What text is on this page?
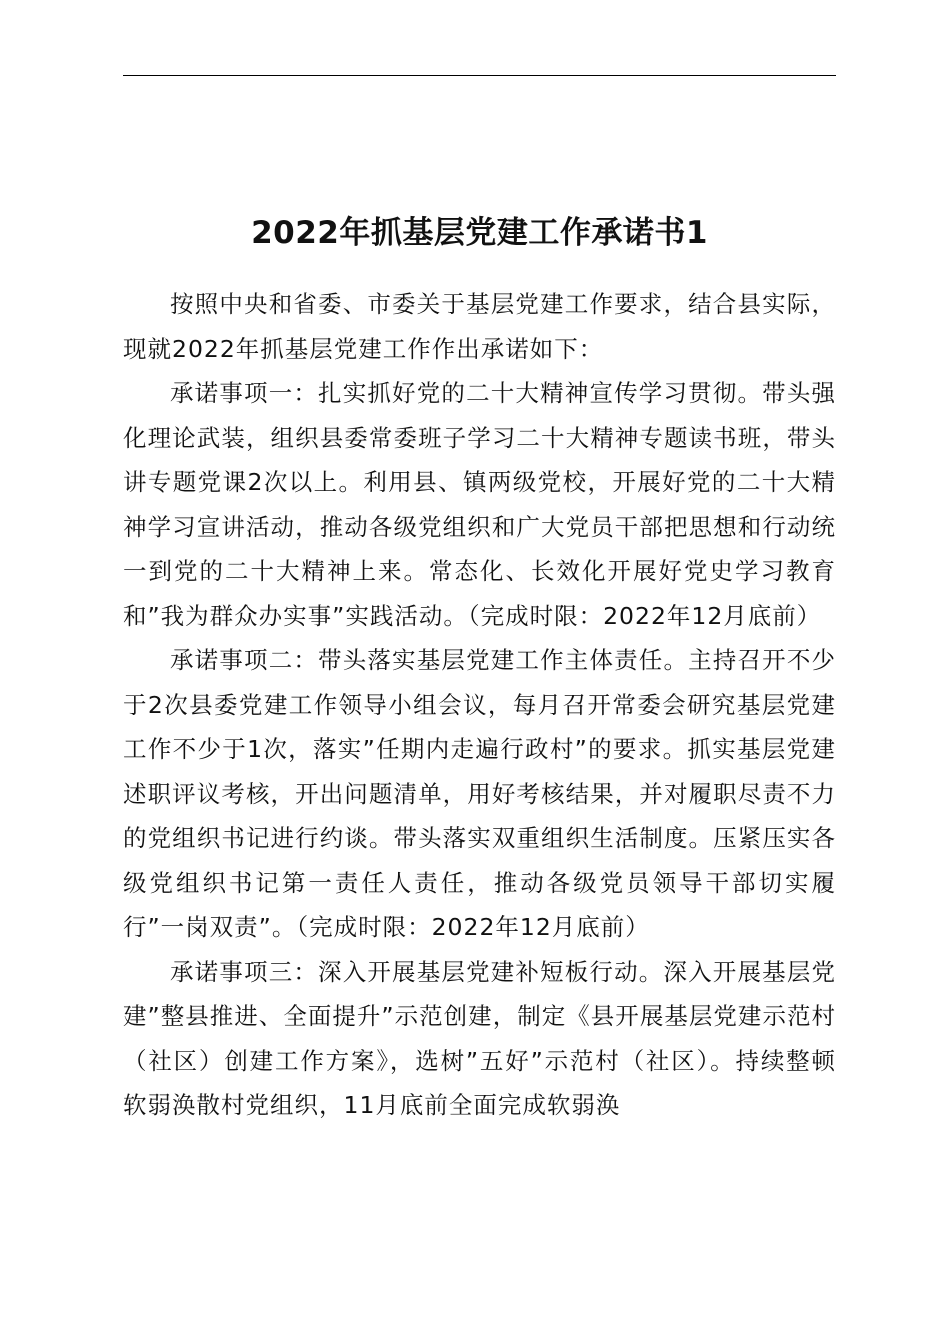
2022年抓基层党建工作承诺书1

按照中央和省委、市委关于基层党建工作要求，结合县实际，现就2022年抓基层党建工作作出承诺如下：

承诺事项一：扎实抓好党的二十大精神宣传学习贯彻。带头强化理论武装，组织县委常委班子学习二十大精神专题读书班，带头讲专题党课2次以上。利用县、镇两级党校，开展好党的二十大精神学习宣讲活动，推动各级党组织和广大党员干部把思想和行动统一到党的二十大精神上来。常态化、长效化开展好党史学习教育和”我为群众办实事”实践活动。（完成时限：2022年12月底前）

承诺事项二：带头落实基层党建工作主体责任。主持召开不少于2次县委党建工作领导小组会议，每月召开常委会研究基层党建工作不少于1次，落实”任期内走遍行政村”的要求。抓实基层党建述职评议考核，开出问题清单，用好考核结果，并对履职尽责不力的党组织书记进行约谈。带头落实双重组织生活制度。压紧压实各级党组织书记第一责任人责任，推动各级党员领导干部切实履行”一岗双责”。（完成时限：2022年12月底前）

承诺事项三：深入开展基层党建补短板行动。深入开展基层党建”整县推进、全面提升”示范创建，制定《县开展基层党建示范村（社区）创建工作方案》，选树”五好”示范村（社区）。持续整顿软弱涣散村党组织，11月底前全面完成软弱涣
